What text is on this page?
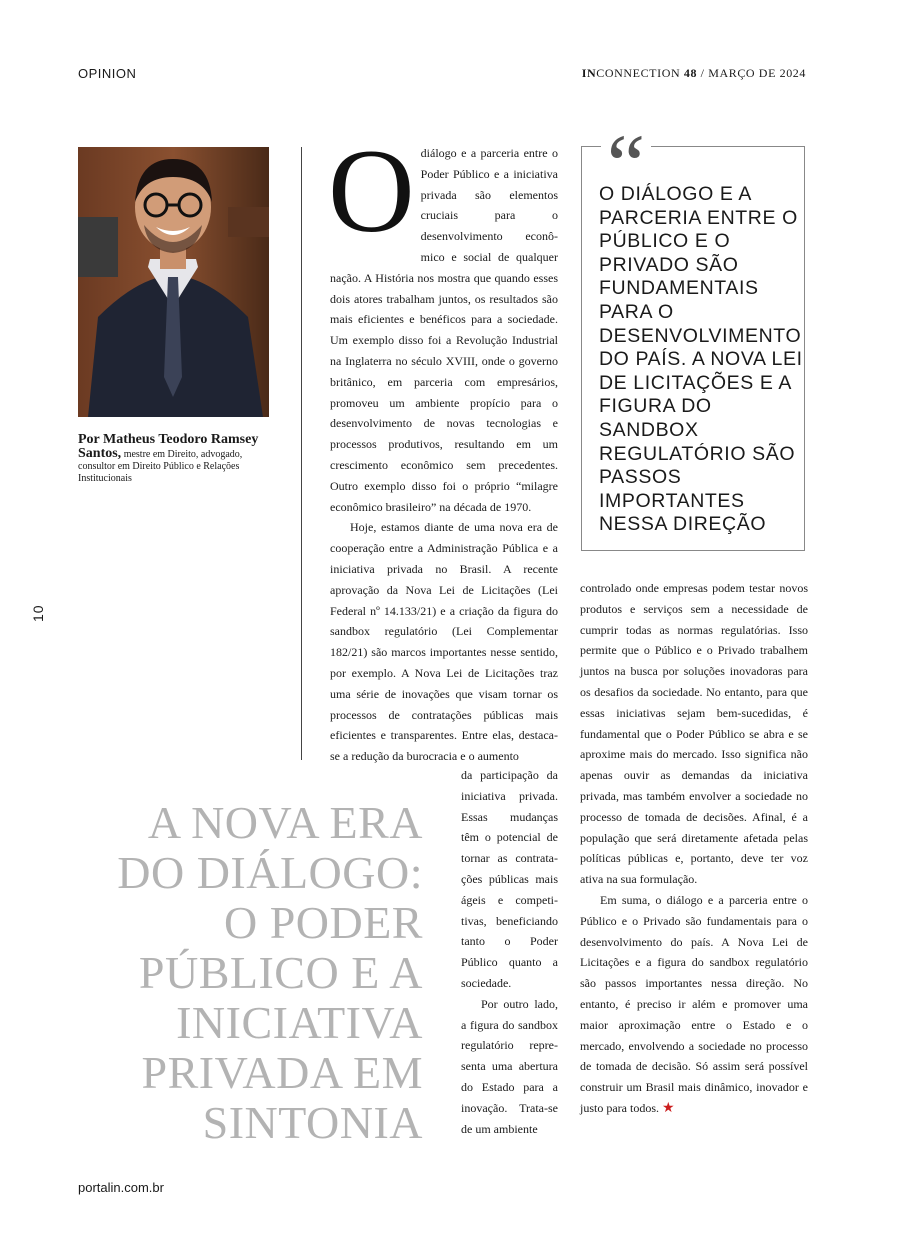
OPINION	INCONNECTION 48 / MARÇO DE 2024
10
Por Matheus Teodoro Ramsey Santos, mestre em Direito, advogado, consultor em Direito Público e Relações Institucionais
O diálogo e a parceria entre o Poder Público e a iniciativa privada são elementos cruciais para o desenvolvimento econômico e social de qualquer nação. A História nos mostra que quando esses dois atores trabalham juntos, os resultados são mais eficientes e benéficos para a sociedade. Um exemplo disso foi a Revolução Industrial na Inglaterra no século XVIII, onde o governo britânico, em parceria com empresários, promoveu um ambiente propício para o desenvolvimento de novas tecnologias e processos produtivos, resultando em um crescimento econômico sem precedentes. Outro exemplo disso foi o próprio “milagre econômico brasileiro” na década de 1970.

Hoje, estamos diante de uma nova era de cooperação entre a Administração Pública e a iniciativa privada no Brasil. A recente aprovação da Nova Lei de Licitações (Lei Federal nº 14.133/21) e a criação da figura do sandbox regulatório (Lei Complementar 182/21) são marcos importantes nesse sentido, por exemplo. A Nova Lei de Licitações traz uma série de inovações que visam tornar os processos de contratações públicas mais eficientes e transparentes. Entre elas, destaca-se a redução da burocracia e o aumento

da participação da iniciativa privada. Essas mudanças têm o potencial de tornar as contratações públicas mais ágeis e competitivas, beneficiando tanto o Poder Público quanto a sociedade.

Por outro lado, a figura do sandbox regulatório representa uma abertura do Estado para a inovação. Trata-se de um ambiente

A NOVA ERA
DO DIÁLOGO:
O PODER
PÚBLICO E A
INICIATIVA
PRIVADA EM
SINTONIA
“
O DIÁLOGO E A PARCERIA ENTRE O PÚBLICO E O PRIVADO SÃO FUNDAMENTAIS PARA O DESENVOLVIMENTO DO PAÍS. A NOVA LEI DE LICITAÇÕES E A FIGURA DO SANDBOX REGULATÓRIO SÃO PASSOS IMPORTANTES NESSA DIREÇÃO

controlado onde empresas podem testar novos produtos e serviços sem a necessidade de cumprir todas as normas regulatórias. Isso permite que o Público e o Privado trabalhem juntos na busca por soluções inovadoras para os desafios da sociedade. No entanto, para que essas iniciativas sejam bem-sucedidas, é fundamental que o Poder Público se abra e se aproxime mais do mercado. Isso significa não apenas ouvir as demandas da iniciativa privada, mas também envolver a sociedade no processo de tomada de decisões. Afinal, é a população que será diretamente afetada pelas políticas públicas e, portanto, deve ter voz ativa na sua formulação.

Em suma, o diálogo e a parceria entre o Público e o Privado são fundamentais para o desenvolvimento do país. A Nova Lei de Licitações e a figura do sandbox regulatório são passos importantes nessa direção. No entanto, é preciso ir além e promover uma maior aproximação entre o Estado e o mercado, envolvendo a sociedade no processo de tomada de decisão. Só assim será possível construir um Brasil mais dinâmico, inovador e justo para todos. ★

portalin.com.br
